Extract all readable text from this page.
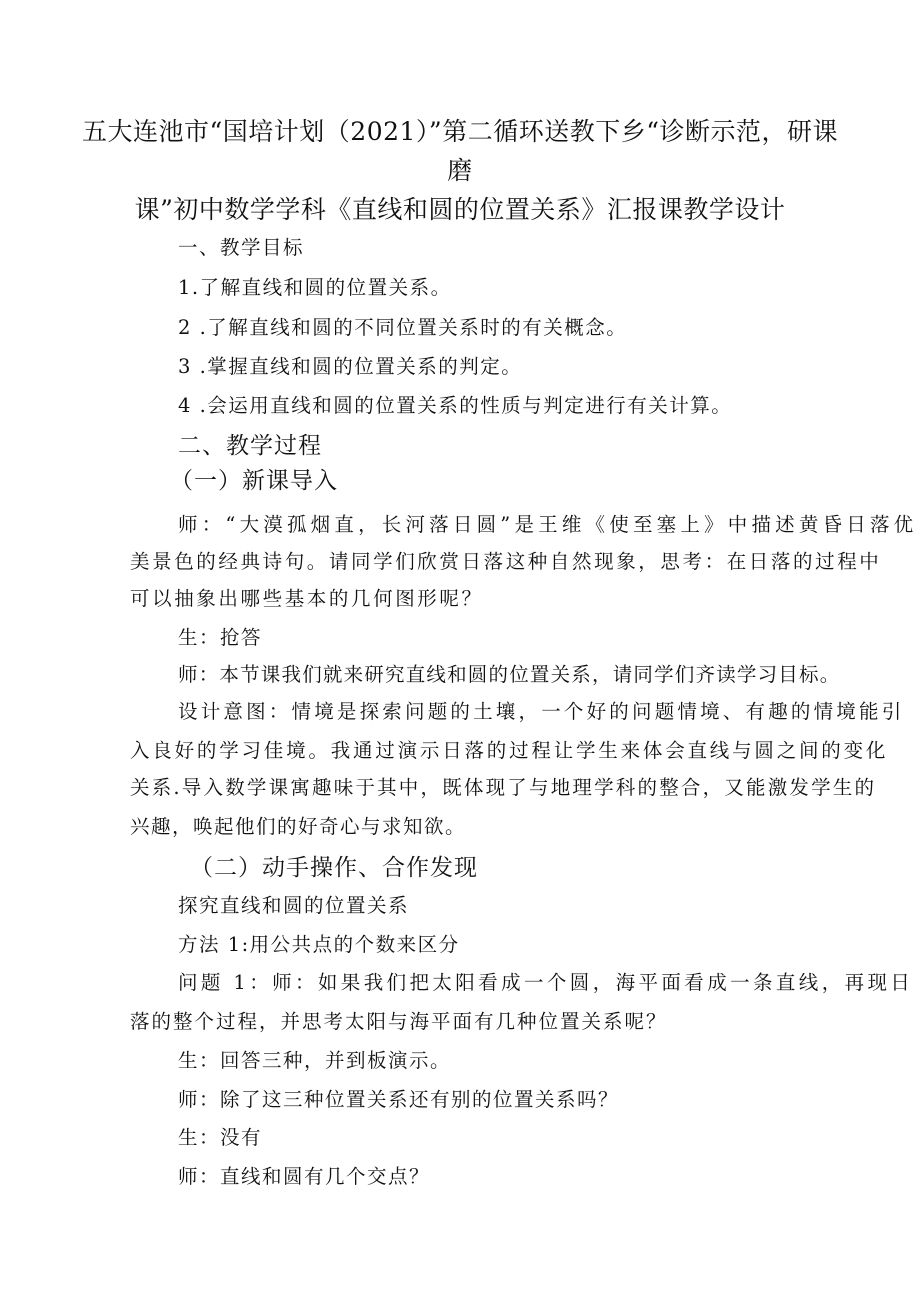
五大连池市“国培计划（2021）”第二循环送教下乡“诊断示范，研课
磨
课”初中数学学科《直线和圆的位置关系》汇报课教学设计
一、教学目标
1.了解直线和圆的位置关系。
2 .了解直线和圆的不同位置关系时的有关概念。
3 .掌握直线和圆的位置关系的判定。
4 .会运用直线和圆的位置关系的性质与判定进行有关计算。
二、教学过程
（一）新课导入
师：“大漠孤烟直，长河落日圆”是王维《使至塞上》中描述黄昏日落优
美景色的经典诗句。请同学们欣赏日落这种自然现象，思考：在日落的过程中
可以抽象出哪些基本的几何图形呢？
生：抢答
师：本节课我们就来研究直线和圆的位置关系，请同学们齐读学习目标。
设计意图：情境是探索问题的土壤，一个好的问题情境、有趣的情境能引
入良好的学习佳境。我通过演示日落的过程让学生来体会直线与圆之间的变化
关系.导入数学课寓趣味于其中，既体现了与地理学科的整合，又能激发学生的
兴趣，唤起他们的好奇心与求知欲。
（二）动手操作、合作发现
探究直线和圆的位置关系
方法 1:用公共点的个数来区分
问题 1：师：如果我们把太阳看成一个圆，海平面看成一条直线，再现日
落的整个过程，并思考太阳与海平面有几种位置关系呢？
生：回答三种，并到板演示。
师：除了这三种位置关系还有别的位置关系吗？
生：没有
师：直线和圆有几个交点？
